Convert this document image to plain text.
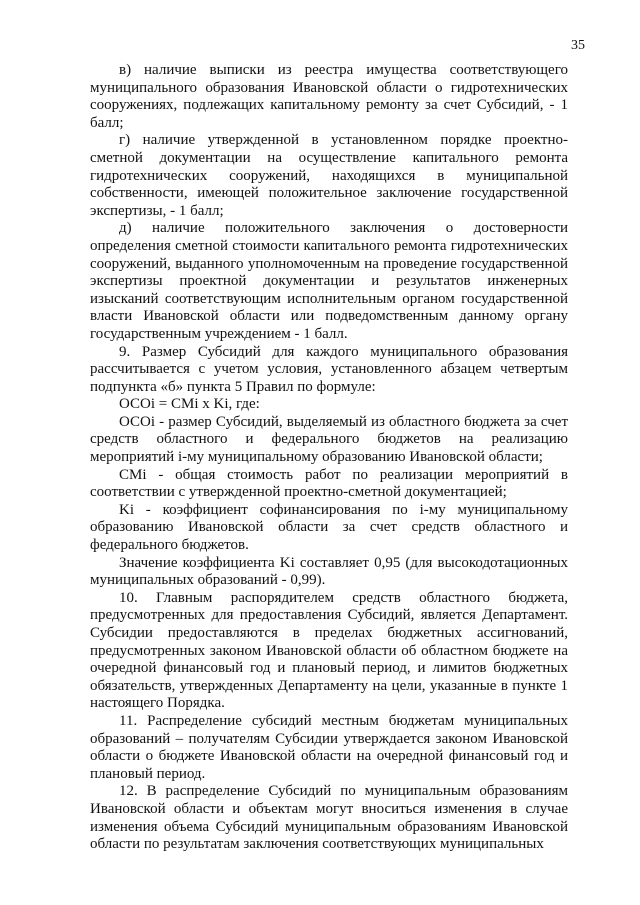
35

в) наличие выписки из реестра имущества соответствующего муниципального образования Ивановской области о гидротехнических сооружениях, подлежащих капитальному ремонту за счет Субсидий, - 1 балл;

г) наличие утвержденной в установленном порядке проектно-сметной документации на осуществление капитального ремонта гидротехнических сооружений, находящихся в муниципальной собственности, имеющей положительное заключение государственной экспертизы, - 1 балл;

д) наличие положительного заключения о достоверности определения сметной стоимости капитального ремонта гидротехнических сооружений, выданного уполномоченным на проведение государственной экспертизы проектной документации и результатов инженерных изысканий соответствующим исполнительным органом государственной власти Ивановской области или подведомственным данному органу государственным учреждением - 1 балл.

9. Размер Субсидий для каждого муниципального образования рассчитывается с учетом условия, установленного абзацем четвертым подпункта «б» пункта 5 Правил по формуле:

ОСОi = СМi х Ki, где:

ОСОi - размер Субсидий, выделяемый из областного бюджета за счет средств областного и федерального бюджетов на реализацию мероприятий i-му муниципальному образованию Ивановской области;

СМi - общая стоимость работ по реализации мероприятий в соответствии с утвержденной проектно-сметной документацией;

Ki - коэффициент софинансирования по i-му муниципальному образованию Ивановской области за счет средств областного и федерального бюджетов.

Значение коэффициента Ki составляет 0,95 (для высокодотационных муниципальных образований - 0,99).

10. Главным распорядителем средств областного бюджета, предусмотренных для предоставления Субсидий, является Департамент. Субсидии предоставляются в пределах бюджетных ассигнований, предусмотренных законом Ивановской области об областном бюджете на очередной финансовый год и плановый период, и лимитов бюджетных обязательств, утвержденных Департаменту на цели, указанные в пункте 1 настоящего Порядка.

11. Распределение субсидий местным бюджетам муниципальных образований – получателям Субсидии утверждается законом Ивановской области о бюджете Ивановской области на очередной финансовый год и плановый период.

12. В распределение Субсидий по муниципальным образованиям Ивановской области и объектам могут вноситься изменения в случае изменения объема Субсидий муниципальным образованиям Ивановской области по результатам заключения соответствующих муниципальных
